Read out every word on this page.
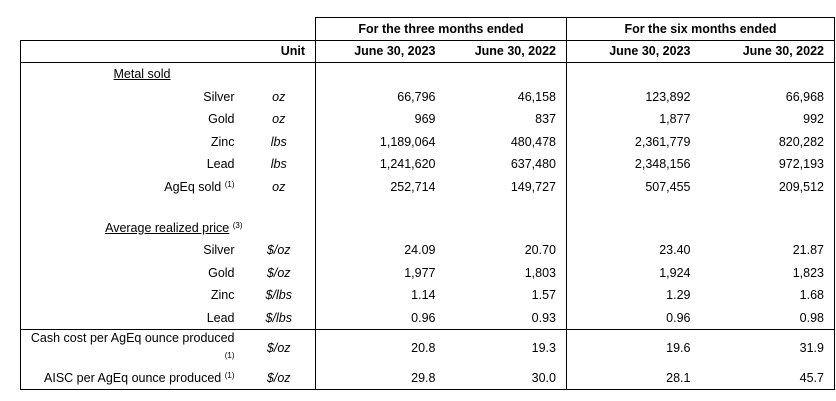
		For the three months ended		For the six months ended	
	Unit	June 30, 2023	June 30, 2022	June 30, 2023	June 30, 2022
Metal sold					
Silver	oz	66,796	46,158	123,892	66,968
Gold	oz	969	837	1,877	992
Zinc	lbs	1,189,064	480,478	2,361,779	820,282
Lead	lbs	1,241,620	637,480	2,348,156	972,193
AgEq sold $^{(1)}$	oz	252,714	149,727	507,455	209,512

Average realized price $^{(3)}$					
Silver	$/oz	24.09	20.70	23.40	21.87
Gold	$/oz	1,977	1,803	1,924	1,823
Zinc	$/lbs	1.14	1.57	1.29	1.68
Lead	$/lbs	0.96	0.93	0.96	0.98
Cash cost per AgEq ounce produced $^{(1)}$	$/oz	20.8	19.3	19.6	31.9
AISC per AgEq ounce produced $^{(1)}$	$/oz	29.8	30.0	28.1	45.7
